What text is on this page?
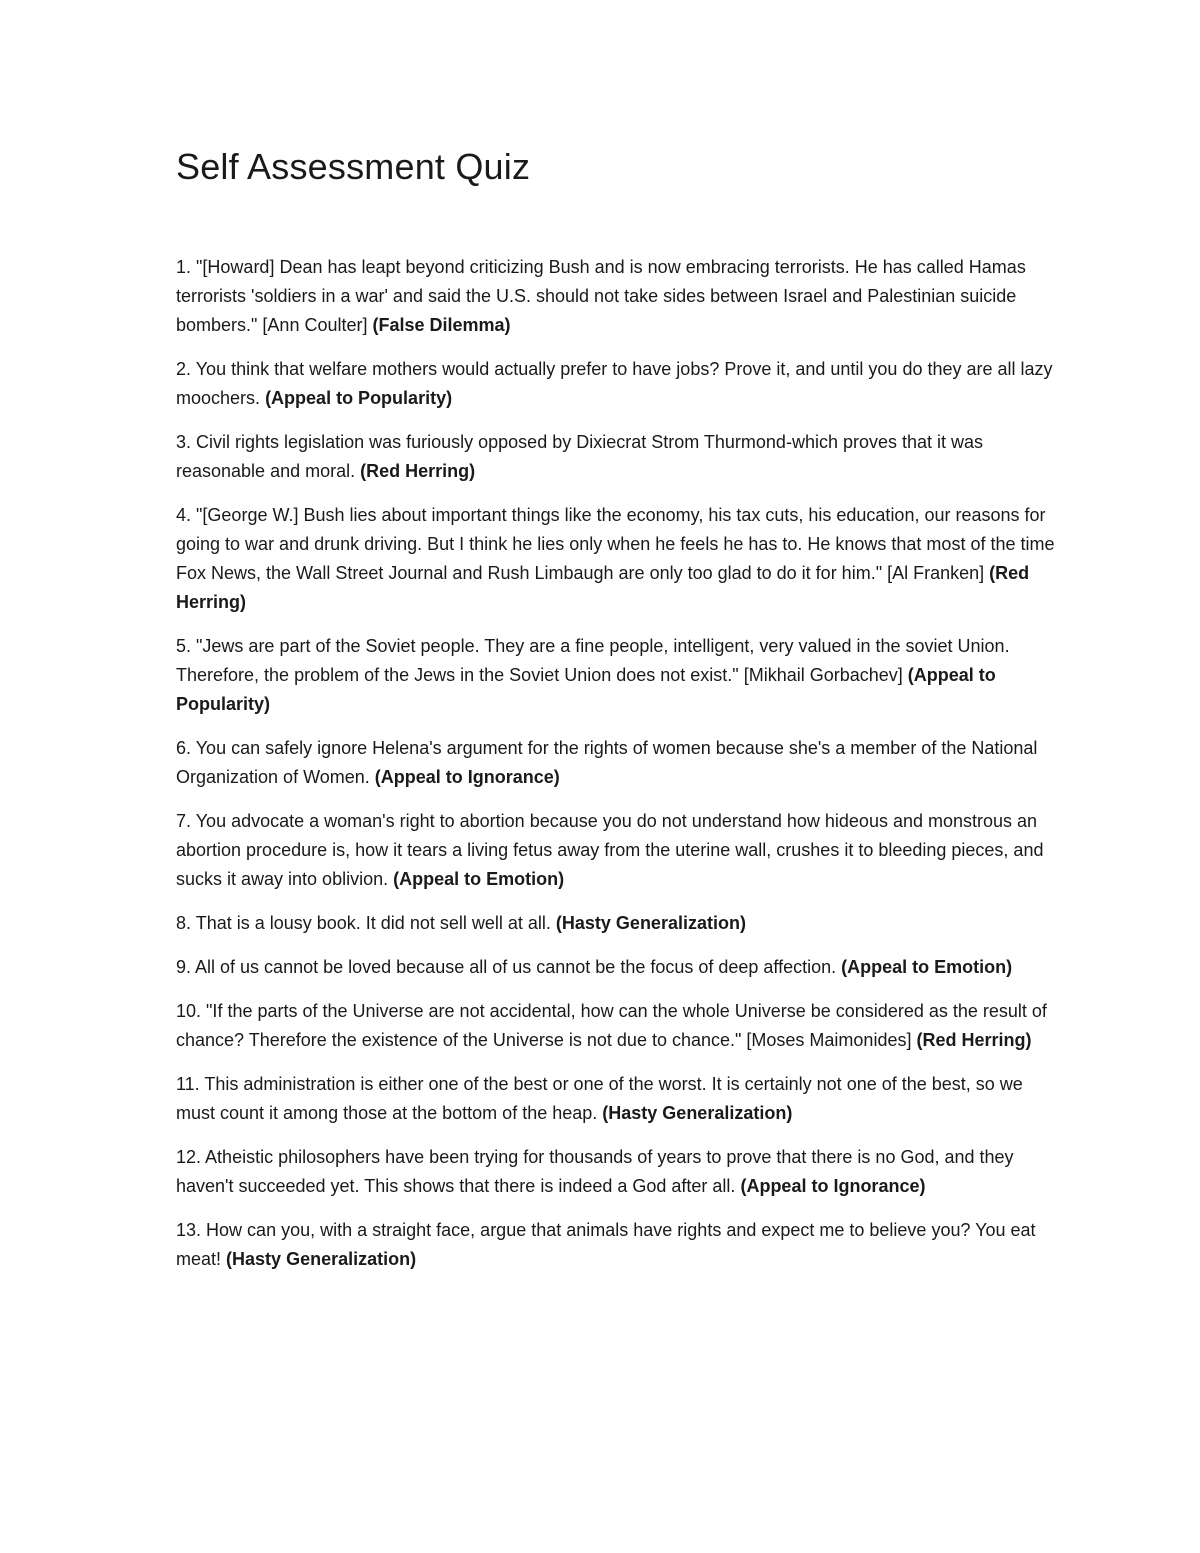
Self Assessment Quiz
1. "[Howard] Dean has leapt beyond criticizing Bush and is now embracing terrorists. He has called Hamas terrorists 'soldiers in a war' and said the U.S. should not take sides between Israel and Palestinian suicide bombers." [Ann Coulter] (False Dilemma)
2. You think that welfare mothers would actually prefer to have jobs? Prove it, and until you do they are all lazy moochers. (Appeal to Popularity)
3. Civil rights legislation was furiously opposed by Dixiecrat Strom Thurmond-which proves that it was reasonable and moral. (Red Herring)
4. "[George W.] Bush lies about important things like the economy, his tax cuts, his education, our reasons for going to war and drunk driving. But I think he lies only when he feels he has to. He knows that most of the time Fox News, the Wall Street Journal and Rush Limbaugh are only too glad to do it for him." [Al Franken] (Red Herring)
5. "Jews are part of the Soviet people. They are a fine people, intelligent, very valued in the soviet Union. Therefore, the problem of the Jews in the Soviet Union does not exist." [Mikhail Gorbachev] (Appeal to Popularity)
6. You can safely ignore Helena's argument for the rights of women because she's a member of the National Organization of Women. (Appeal to Ignorance)
7. You advocate a woman's right to abortion because you do not understand how hideous and monstrous an abortion procedure is, how it tears a living fetus away from the uterine wall, crushes it to bleeding pieces, and sucks it away into oblivion. (Appeal to Emotion)
8. That is a lousy book. It did not sell well at all. (Hasty Generalization)
9. All of us cannot be loved because all of us cannot be the focus of deep affection. (Appeal to Emotion)
10. "If the parts of the Universe are not accidental, how can the whole Universe be considered as the result of chance? Therefore the existence of the Universe is not due to chance." [Moses Maimonides] (Red Herring)
11. This administration is either one of the best or one of the worst. It is certainly not one of the best, so we must count it among those at the bottom of the heap. (Hasty Generalization)
12. Atheistic philosophers have been trying for thousands of years to prove that there is no God, and they haven't succeeded yet. This shows that there is indeed a God after all. (Appeal to Ignorance)
13. How can you, with a straight face, argue that animals have rights and expect me to believe you? You eat meat! (Hasty Generalization)
